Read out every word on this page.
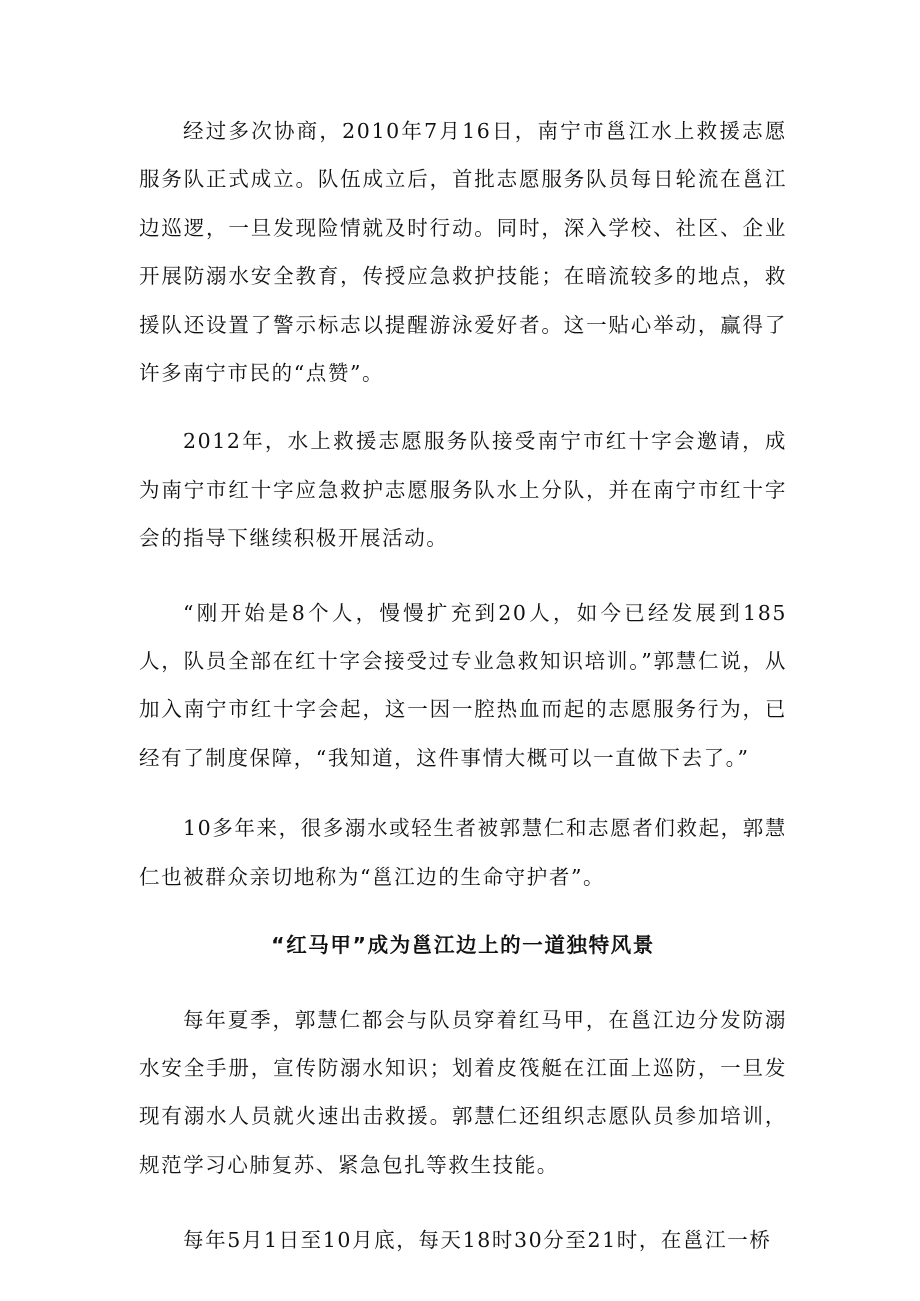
经过多次协商，2010年7月16日，南宁市邕江水上救援志愿服务队正式成立。队伍成立后，首批志愿服务队员每日轮流在邕江边巡逻，一旦发现险情就及时行动。同时，深入学校、社区、企业开展防溺水安全教育，传授应急救护技能；在暗流较多的地点，救援队还设置了警示标志以提醒游泳爱好者。这一贴心举动，赢得了许多南宁市民的“点赞”。

2012年，水上救援志愿服务队接受南宁市红十字会邀请，成为南宁市红十字应急救护志愿服务队水上分队，并在南宁市红十字会的指导下继续积极开展活动。

“刚开始是8个人，慢慢扩充到20人，如今已经发展到185人，队员全部在红十字会接受过专业急救知识培训。”郭慧仁说，从加入南宁市红十字会起，这一因一腔热血而起的志愿服务行为，已经有了制度保障，“我知道，这件事情大概可以一直做下去了。”

10多年来，很多溺水或轻生者被郭慧仁和志愿者们救起，郭慧仁也被群众亲切地称为“邕江边的生命守护者”。

“红马甲”成为邕江边上的一道独特风景

每年夏季，郭慧仁都会与队员穿着红马甲，在邕江边分发防溺水安全手册，宣传防溺水知识；划着皮筏艇在江面上巡防，一旦发现有溺水人员就火速出击救援。郭慧仁还组织志愿队员参加培训，规范学习心肺复苏、紧急包扎等救生技能。

每年5月1日至10月底，每天18时30分至21时，在邕江一桥
